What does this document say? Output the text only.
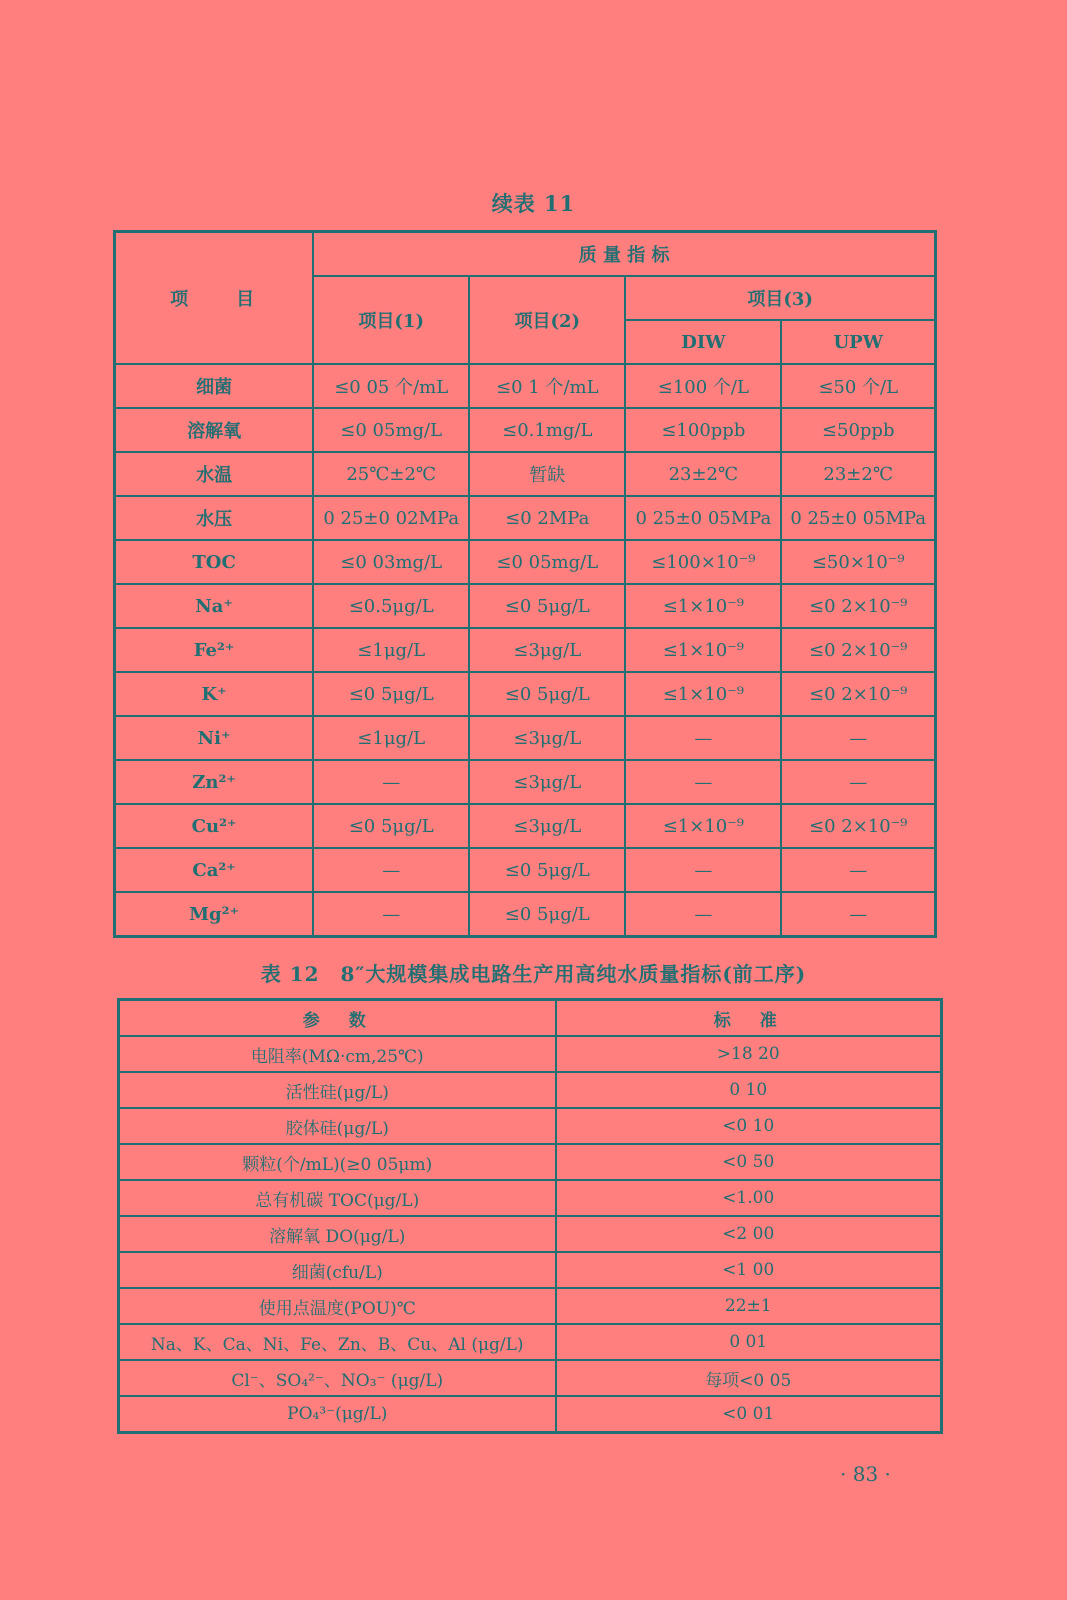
续表 11
项　　目	质 量 指 标			
	项目(1)	项目(2)	项目(3)	
			DIW	UPW
细菌	≤0 05 个/mL	≤0 1 个/mL	≤100 个/L	≤50 个/L
溶解氧	≤0 05mg/L	≤0.1mg/L	≤100ppb	≤50ppb
水温	25℃±2℃	暂缺	23±2℃	23±2℃
水压	0 25±0 02MPa	≤0 2MPa	0 25±0 05MPa	0 25±0 05MPa
TOC	≤0 03mg/L	≤0 05mg/L	≤100×10⁻⁹	≤50×10⁻⁹
Na⁺	≤0.5μg/L	≤0 5μg/L	≤1×10⁻⁹	≤0 2×10⁻⁹
Fe²⁺	≤1μg/L	≤3μg/L	≤1×10⁻⁹	≤0 2×10⁻⁹
K⁺	≤0 5μg/L	≤0 5μg/L	≤1×10⁻⁹	≤0 2×10⁻⁹
Ni⁺	≤1μg/L	≤3μg/L	—	—
Zn²⁺	—	≤3μg/L	—	—
Cu²⁺	≤0 5μg/L	≤3μg/L	≤1×10⁻⁹	≤0 2×10⁻⁹
Ca²⁺	—	≤0 5μg/L	—	—
Mg²⁺	—	≤0 5μg/L	—	—
表 12　8″大规模集成电路生产用高纯水质量指标(前工序)
参　数	标　准
电阻率(MΩ·cm,25℃)	>18 20
活性硅(μg/L)	0 10
胶体硅(μg/L)	<0 10
颗粒(个/mL)(≥0 05μm)	<0 50
总有机碳 TOC(μg/L)	<1.00
溶解氧 DO(μg/L)	<2 00
细菌(cfu/L)	<1 00
使用点温度(POU)℃	22±1
Na、K、Ca、Ni、Fe、Zn、B、Cu、Al (μg/L)	0 01
Cl⁻、SO₄²⁻、NO₃⁻ (μg/L)	每项<0 05
PO₄³⁻(μg/L)	<0 01
· 83 ·
